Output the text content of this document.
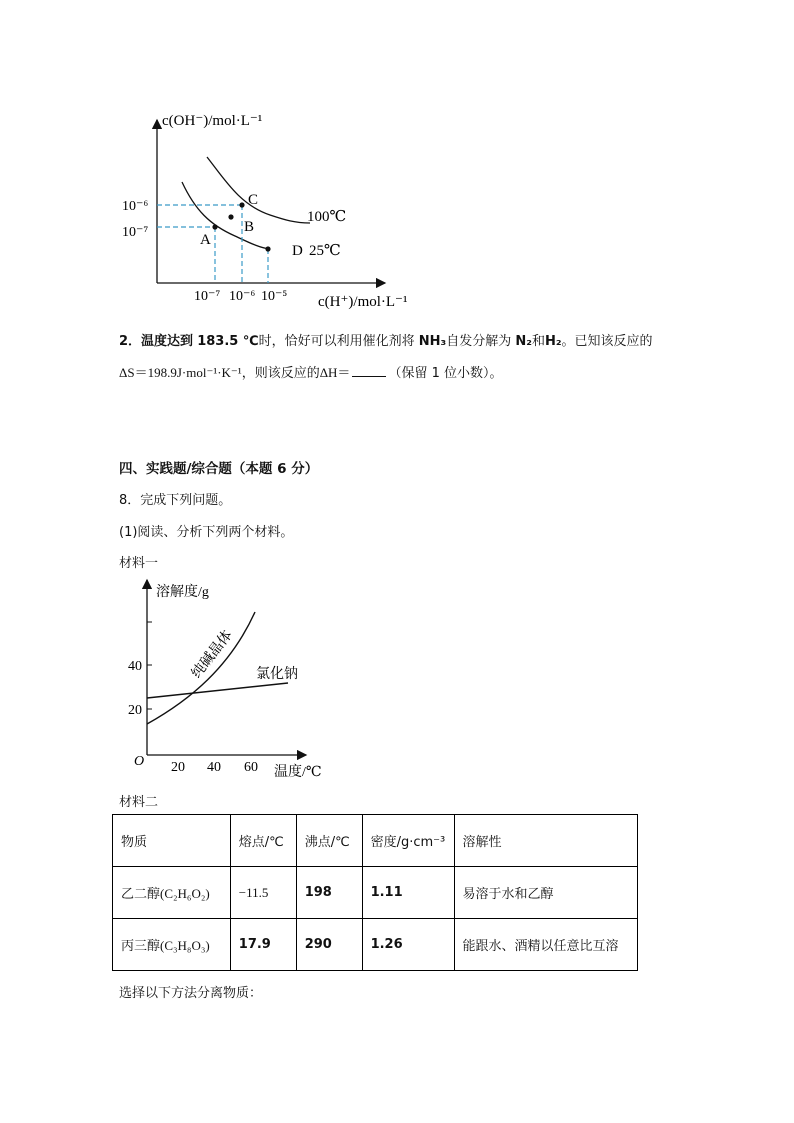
c(OH⁻)/mol·L⁻¹
c(H⁺)/mol·L⁻¹
A
B
C
D
100℃
25℃
10⁻⁶
10⁻⁷
10⁻⁷ 10⁻⁶ 10⁻⁵
2．温度达到 183.5 ℃时，恰好可以利用催化剂将 NH₃自发分解为 N₂和H₂。已知该反应的
ΔS＝198.9J·mol⁻¹·K⁻¹，则该反应的ΔH＝	（保留 1 位小数）。
四、实践题/综合题（本题 6 分）
8．完成下列问题。
(1)阅读、分析下列两个材料。
材料一
溶解度/g
温度/℃
O
40
20
20 40 60
纯碱晶体 氯化钠
材料二
物质	熔点/℃	沸点/℃	密度/g·cm⁻³	溶解性
乙二醇(C₂H₆O₂)	−11.5	198	1.11	易溶于水和乙醇
丙三醇(C₃H₈O₃)	17.9	290	1.26	能跟水、酒精以任意比互溶
选择以下方法分离物质：
